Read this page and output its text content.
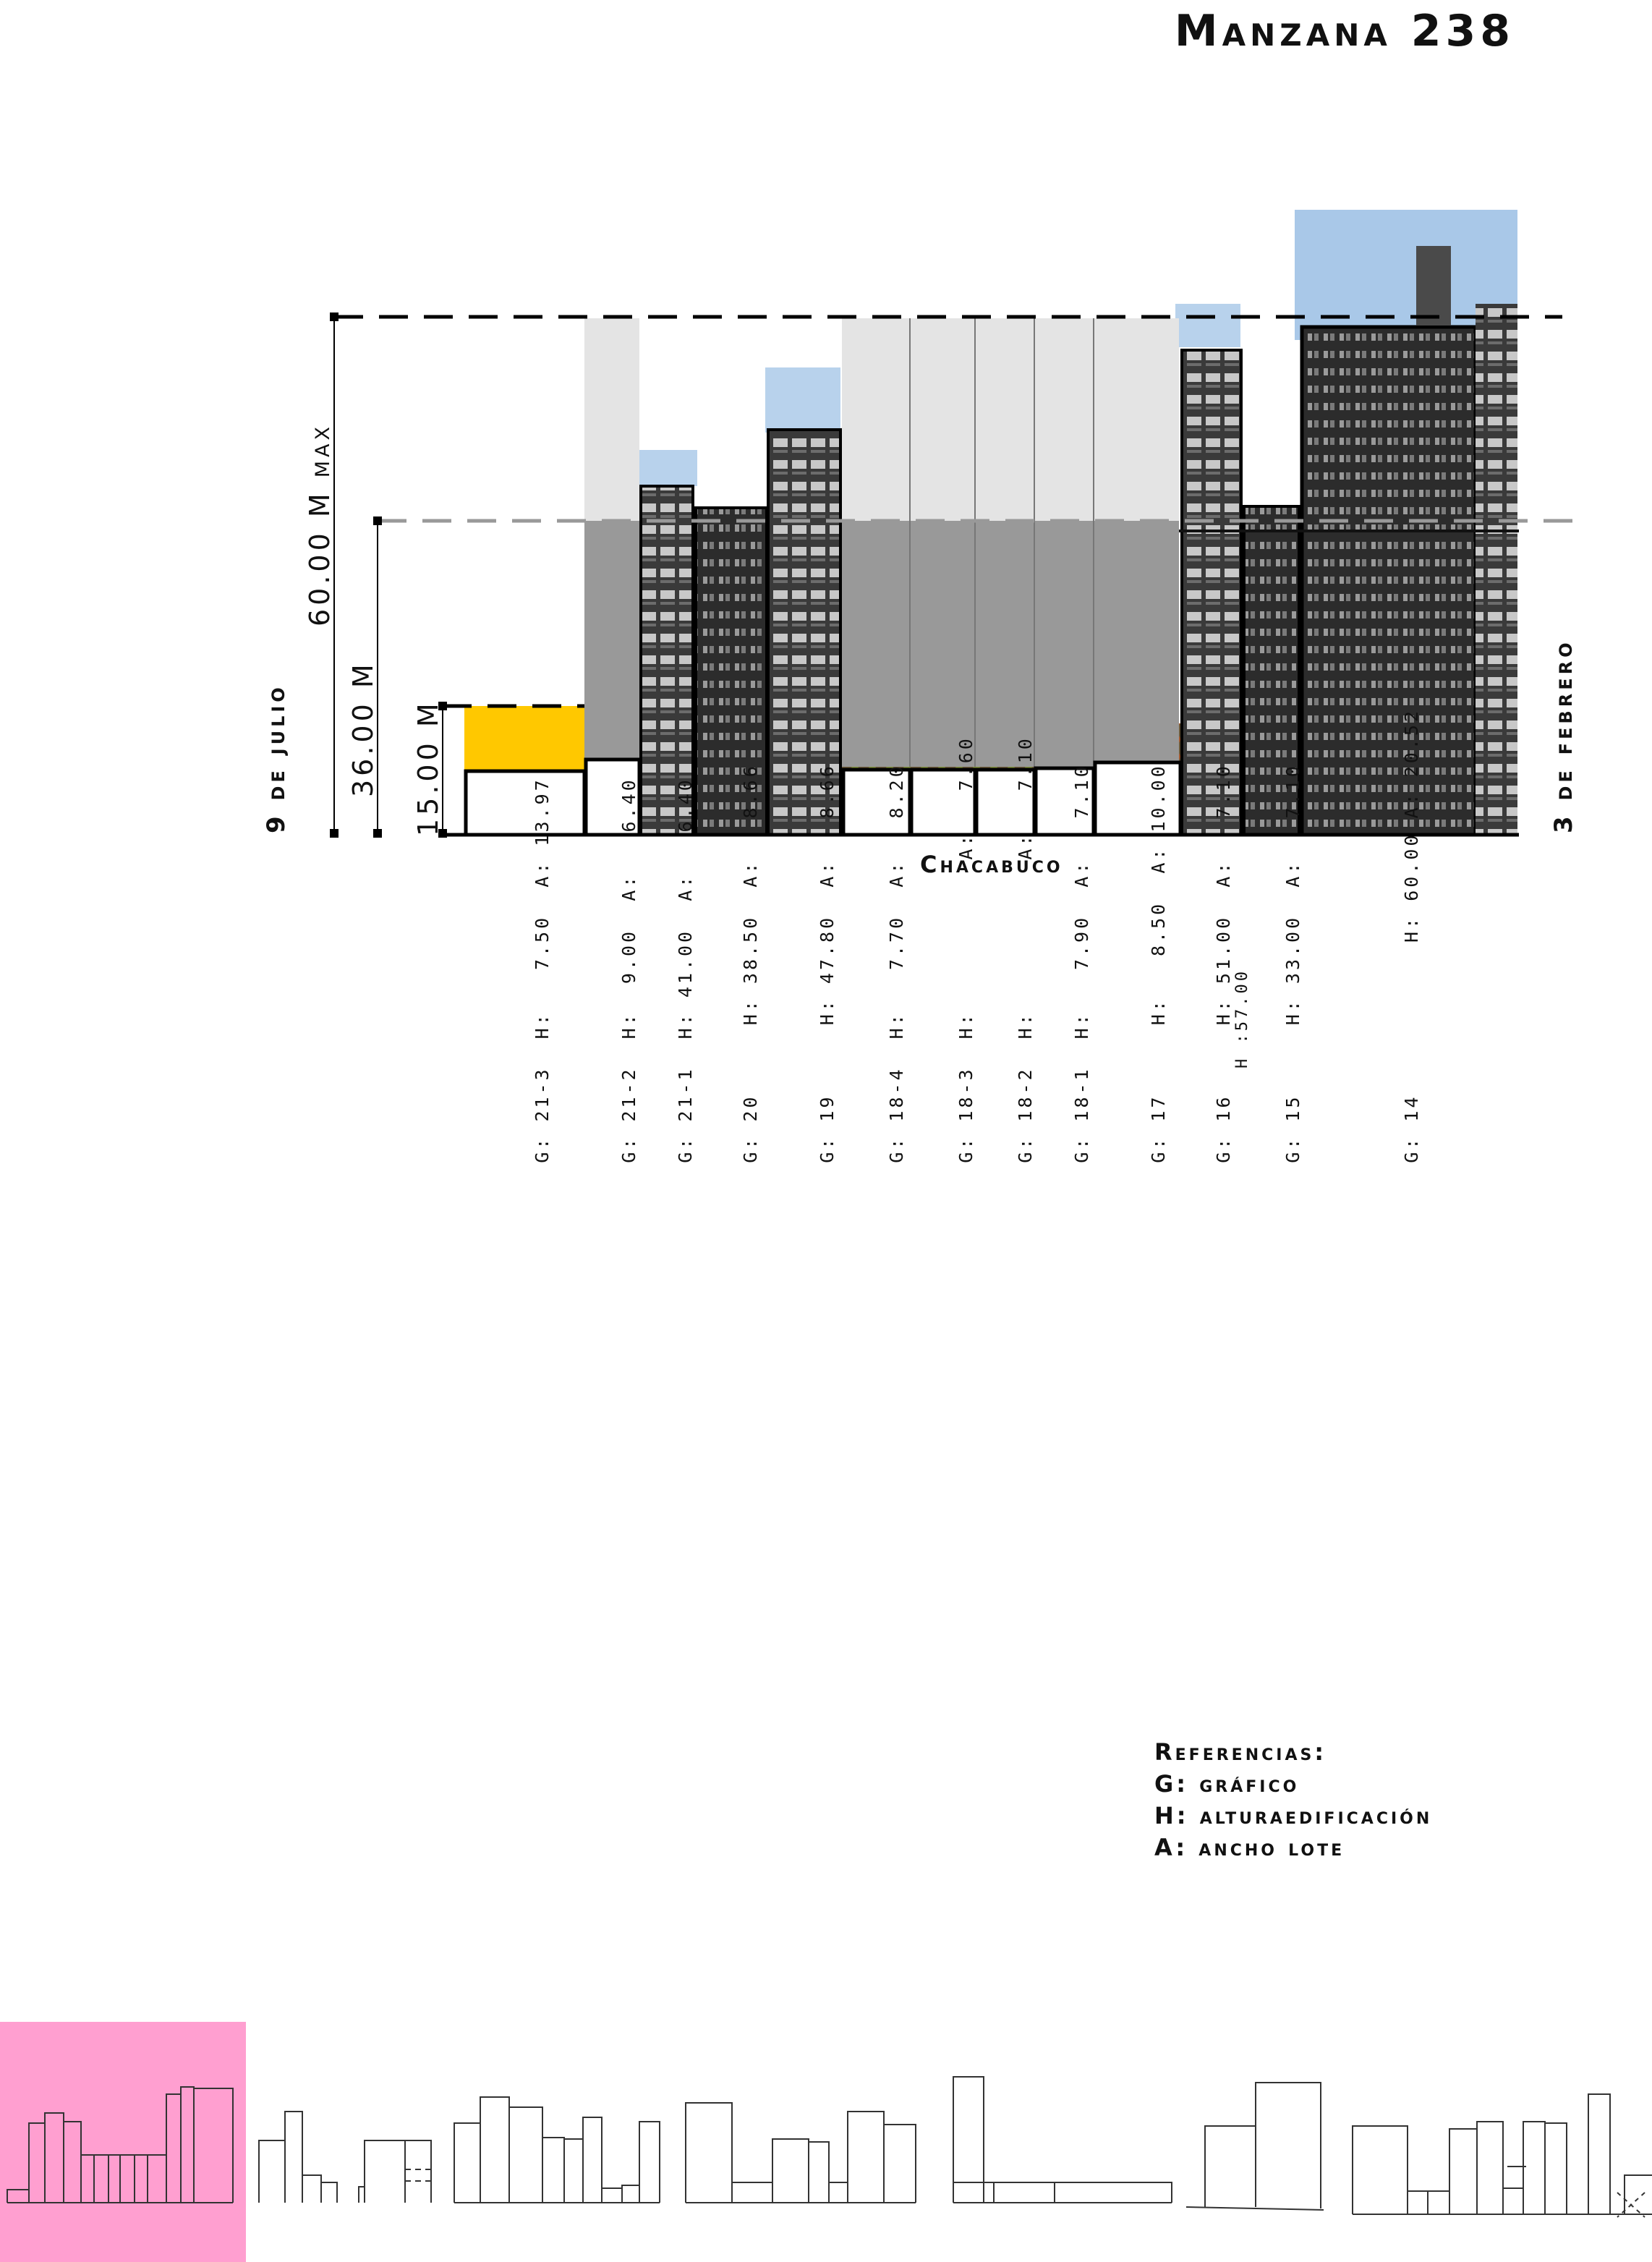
Manzana 238
9 de julio
60.00 M max
36.00 M 15.00 M	3 de febrero
Chacabuco

G: 21-3  H:   7.50  A: 13.97

G: 21-2  H:  9.00  A:   6.40

G: 21-1  H: 41.00  A:   6.40

G: 20     H: 38.50  A:   8.66

G: 19     H: 47.80  A:   8.66

G: 18-4  H:   7.70  A:   8.20

G: 18-3  H:           A:   7.60

G: 18-2  H:           A:   7.10

G: 18-1  H:   7.90  A:   7.10

G: 17     H:   8.50  A: 10.00

G: 16     H: 51.00  A:   7.10

H :57.00

G: 15     H: 33.00  A:   7.10

G: 14           H: 60.00 A: 20.52

Referencias:
G: gráfico
H: alturaedificación
A: ancho lote
